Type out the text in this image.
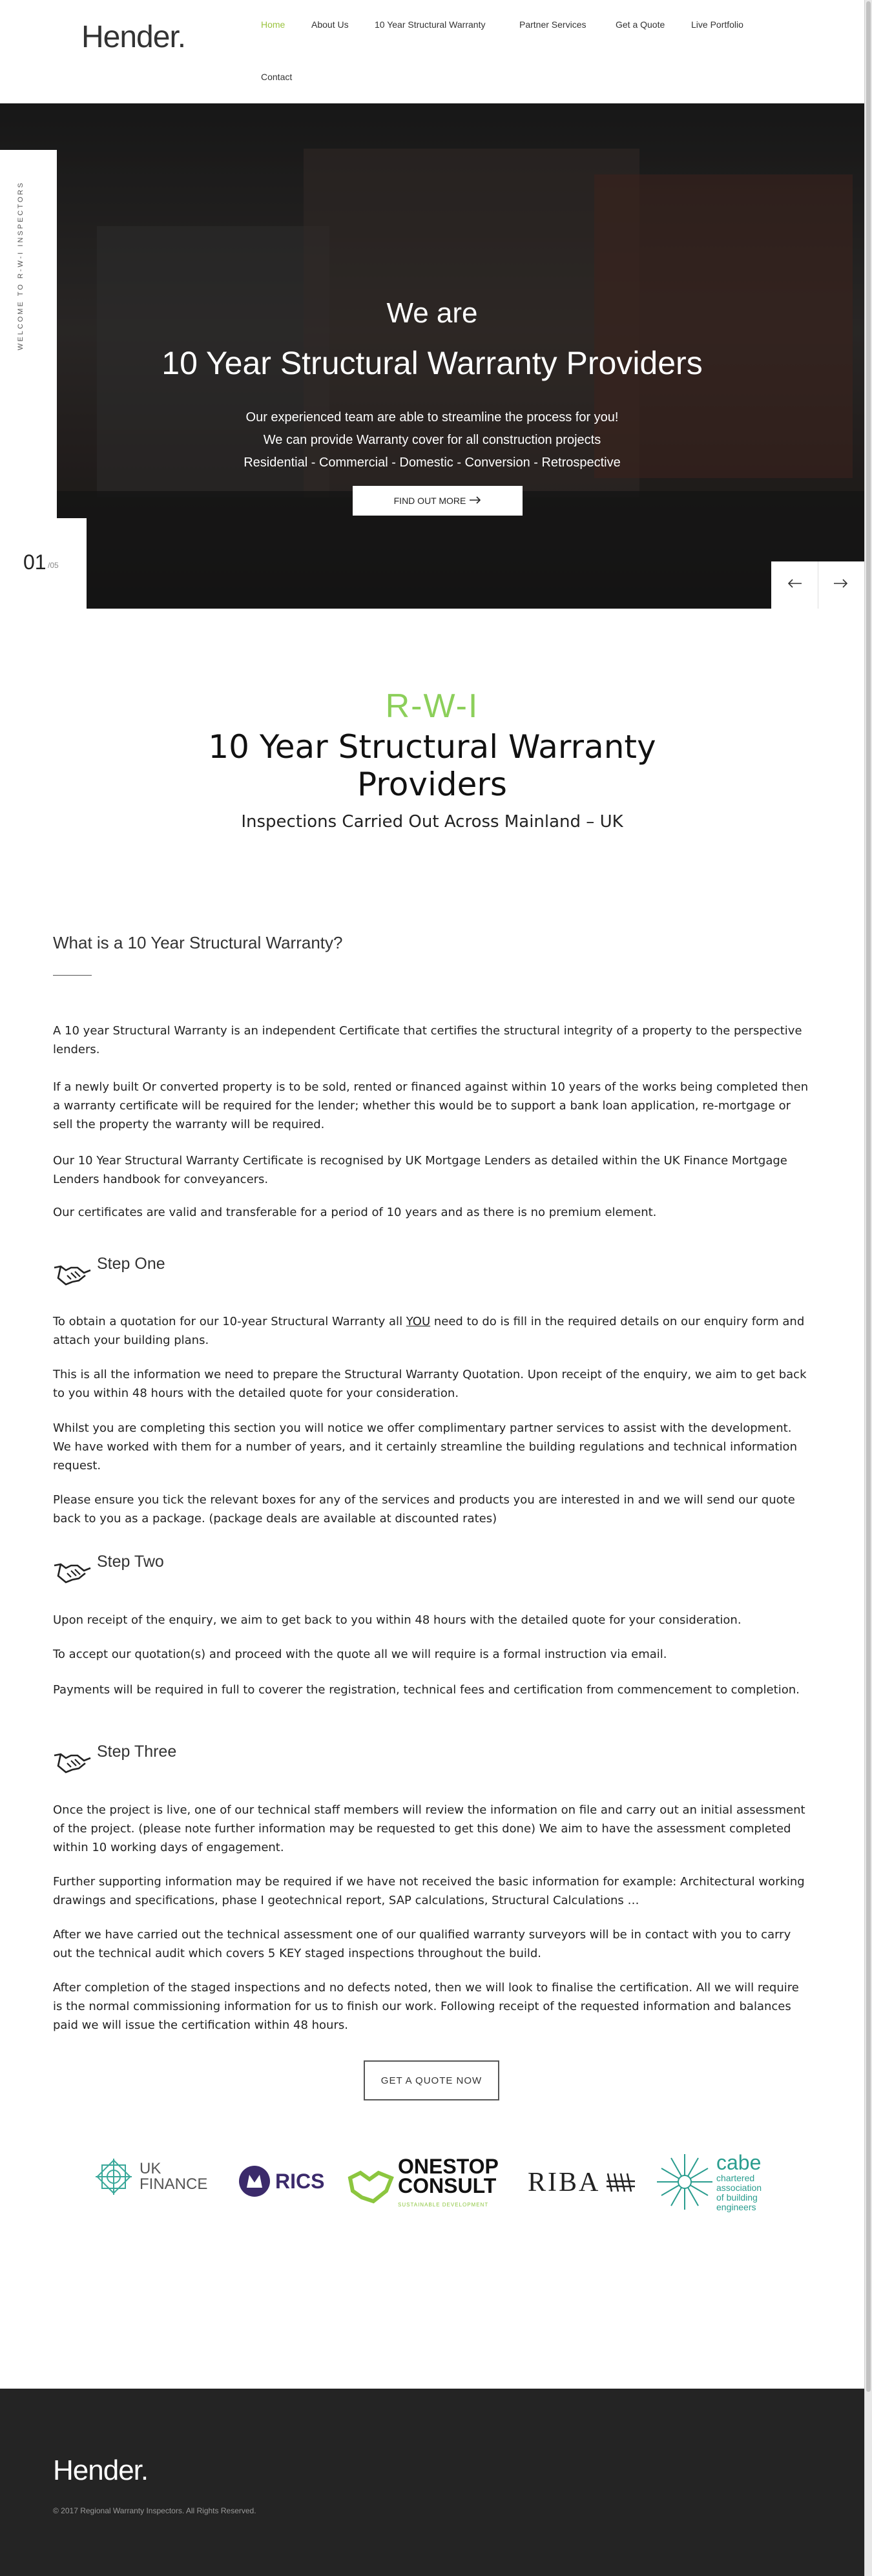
Hender.	Home	About Us	10 Year Structural Warranty	Partner Services	Get a Quote	Live Portfolio
Contact
We are
10 Year Structural Warranty Providers
Our experienced team are able to streamline the process for you!
We can provide Warranty cover for all construction projects
Residential - Commercial - Domestic - Conversion - Retrospective
FIND OUT MORE
WELCOME TO R-W-I INSPECTORS
01 /05
R-W-I
10 Year Structural Warranty Providers
Inspections Carried Out Across Mainland – UK
What is a 10 Year Structural Warranty?
A 10 year Structural Warranty is an independent Certificate that certifies the structural integrity of a property to the perspective lenders.
If a newly built Or converted property is to be sold, rented or financed against within 10 years of the works being completed then a warranty certificate will be required for the lender; whether this would be to support a bank loan application, re-mortgage or sell the property the warranty will be required.
Our 10 Year Structural Warranty Certificate is recognised by UK Mortgage Lenders as detailed within the UK Finance Mortgage Lenders handbook for conveyancers.
Our certificates are valid and transferable for a period of 10 years and as there is no premium element.
Step One
To obtain a quotation for our 10-year Structural Warranty all YOU need to do is fill in the required details on our enquiry form and attach your building plans.
This is all the information we need to prepare the Structural Warranty Quotation. Upon receipt of the enquiry, we aim to get back to you within 48 hours with the detailed quote for your consideration.
Whilst you are completing this section you will notice we offer complimentary partner services to assist with the development. We have worked with them for a number of years, and it certainly streamline the building regulations and technical information request.
Please ensure you tick the relevant boxes for any of the services and products you are interested in and we will send our quote back to you as a package. (package deals are available at discounted rates)
Step Two
Upon receipt of the enquiry, we aim to get back to you within 48 hours with the detailed quote for your consideration.
To accept our quotation(s) and proceed with the quote all we will require is a formal instruction via email.
Payments will be required in full to coverer the registration, technical fees and certification from commencement to completion.
Step Three
Once the project is live, one of our technical staff members will review the information on file and carry out an initial assessment of the project. (please note further information may be requested to get this done) We aim to have the assessment completed within 10 working days of engagement.
Further supporting information may be required if we have not received the basic information for example: Architectural working drawings and specifications, phase I geotechnical report, SAP calculations, Structural Calculations …
After we have carried out the technical assessment one of our qualified warranty surveyors will be in contact with you to carry out the technical audit which covers 5 KEY staged inspections throughout the build.
After completion of the staged inspections and no defects noted, then we will look to finalise the certification. All we will require is the normal commissioning information for us to finish our work. Following receipt of the requested information and balances paid we will issue the certification within 48 hours.
GET A QUOTE NOW
UK
FINANCE	RICS
ONESTOP
CONSULT
SUSTAINABLE DEVELOPMENT
RIBA
cabe
chartered
association
of building
engineers
Hender.
© 2017 Regional Warranty Inspectors. All Rights Reserved.
